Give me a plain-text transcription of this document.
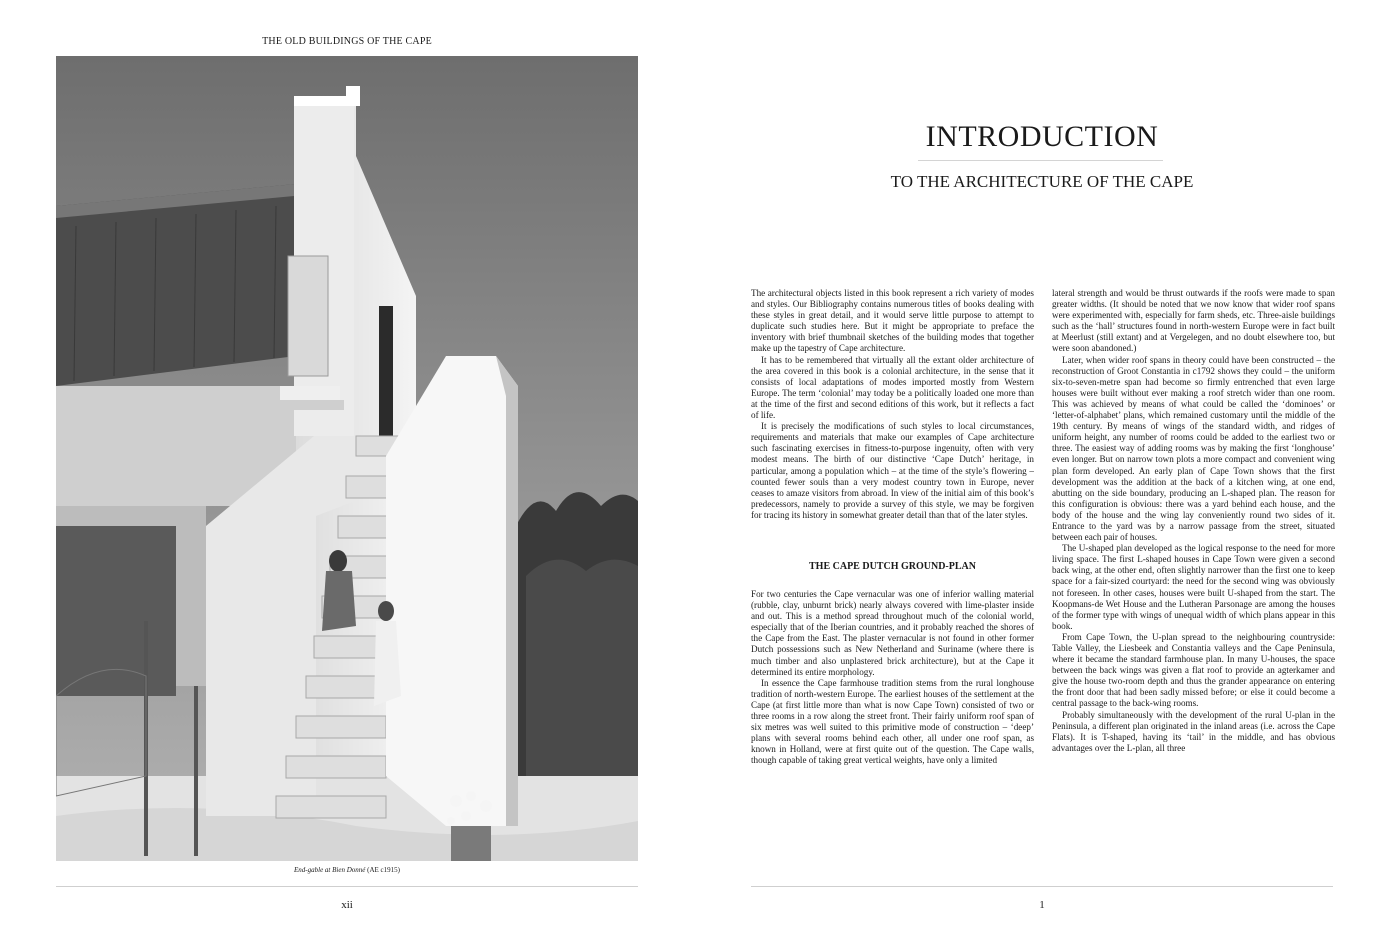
THE OLD BUILDINGS OF THE CAPE
End-gable at Bien Donné (AE c1915)
xii
INTRODUCTION
TO THE ARCHITECTURE OF THE CAPE

The architectural objects listed in this book represent a rich variety of modes and styles. Our Bibliography contains numerous titles of books dealing with these styles in great detail, and it would serve little purpose to attempt to duplicate such studies here. But it might be appropriate to preface the inventory with brief thumbnail sketches of the building modes that together make up the tapestry of Cape architecture.

It has to be remembered that virtually all the extant older architecture of the area covered in this book is a colonial architecture, in the sense that it consists of local adaptations of modes imported mostly from Western Europe. The term ‘colonial’ may today be a politically loaded one more than at the time of the first and second editions of this work, but it reflects a fact of life.

It is precisely the modifications of such styles to local circumstances, requirements and materials that make our examples of Cape architecture such fascinating exercises in fitness-to-purpose ingenuity, often with very modest means. The birth of our distinctive ‘Cape Dutch’ heritage, in particular, among a population which – at the time of the style’s flowering – counted fewer souls than a very modest country town in Europe, never ceases to amaze visitors from abroad. In view of the initial aim of this book’s predecessors, namely to provide a survey of this style, we may be forgiven for tracing its history in somewhat greater detail than that of the later styles.

THE CAPE DUTCH GROUND-PLAN

For two centuries the Cape vernacular was one of inferior walling material (rubble, clay, unburnt brick) nearly always covered with lime-plaster inside and out. This is a method spread throughout much of the colonial world, especially that of the Iberian countries, and it probably reached the shores of the Cape from the East. The plaster vernacular is not found in other former Dutch possessions such as New Netherland and Suriname (where there is much timber and also unplastered brick architecture), but at the Cape it determined its entire morphology.

In essence the Cape farmhouse tradition stems from the rural longhouse tradition of north-western Europe. The earliest houses of the settlement at the Cape (at first little more than what is now Cape Town) consisted of two or three rooms in a row along the street front. Their fairly uniform roof span of six metres was well suited to this primitive mode of construction – ‘deep’ plans with several rooms behind each other, all under one roof span, as known in Holland, were at first quite out of the question. The Cape walls, though capable of taking great vertical weights, have only a limited

lateral strength and would be thrust outwards if the roofs were made to span greater widths. (It should be noted that we now know that wider roof spans were experimented with, especially for farm sheds, etc. Three-aisle buildings such as the ‘hall’ structures found in north-western Europe were in fact built at Meerlust (still extant) and at Vergelegen, and no doubt elsewhere too, but were soon abandoned.)

Later, when wider roof spans in theory could have been constructed – the reconstruction of Groot Constantia in c1792 shows they could – the uniform six-to-seven-metre span had become so firmly entrenched that even large houses were built without ever making a roof stretch wider than one room. This was achieved by means of what could be called the ‘dominoes’ or ‘letter-of-alphabet’ plans, which remained customary until the middle of the 19th century. By means of wings of the standard width, and ridges of uniform height, any number of rooms could be added to the earliest two or three. The easiest way of adding rooms was by making the first ‘longhouse’ even longer. But on narrow town plots a more compact and convenient wing plan form developed. An early plan of Cape Town shows that the first development was the addition at the back of a kitchen wing, at one end, abutting on the side boundary, producing an L-shaped plan. The reason for this configuration is obvious: there was a yard behind each house, and the body of the house and the wing lay conveniently round two sides of it. Entrance to the yard was by a narrow passage from the street, situated between each pair of houses.

The U-shaped plan developed as the logical response to the need for more living space. The first L-shaped houses in Cape Town were given a second back wing, at the other end, often slightly narrower than the first one to keep space for a fair-sized courtyard: the need for the second wing was obviously not foreseen. In other cases, houses were built U-shaped from the start. The Koopmans-de Wet House and the Lutheran Parsonage are among the houses of the former type with wings of unequal width of which plans appear in this book.

From Cape Town, the U-plan spread to the neighbouring countryside: Table Valley, the Liesbeek and Constantia valleys and the Cape Peninsula, where it became the standard farmhouse plan. In many U-houses, the space between the back wings was given a flat roof to provide an agterkamer and give the house two-room depth and thus the grander appearance on entering the front door that had been sadly missed before; or else it could become a central passage to the back-wing rooms.

Probably simultaneously with the development of the rural U-plan in the Peninsula, a different plan originated in the inland areas (i.e. across the Cape Flats). It is T-shaped, having its ‘tail’ in the middle, and has obvious advantages over the L-plan, all three

1
